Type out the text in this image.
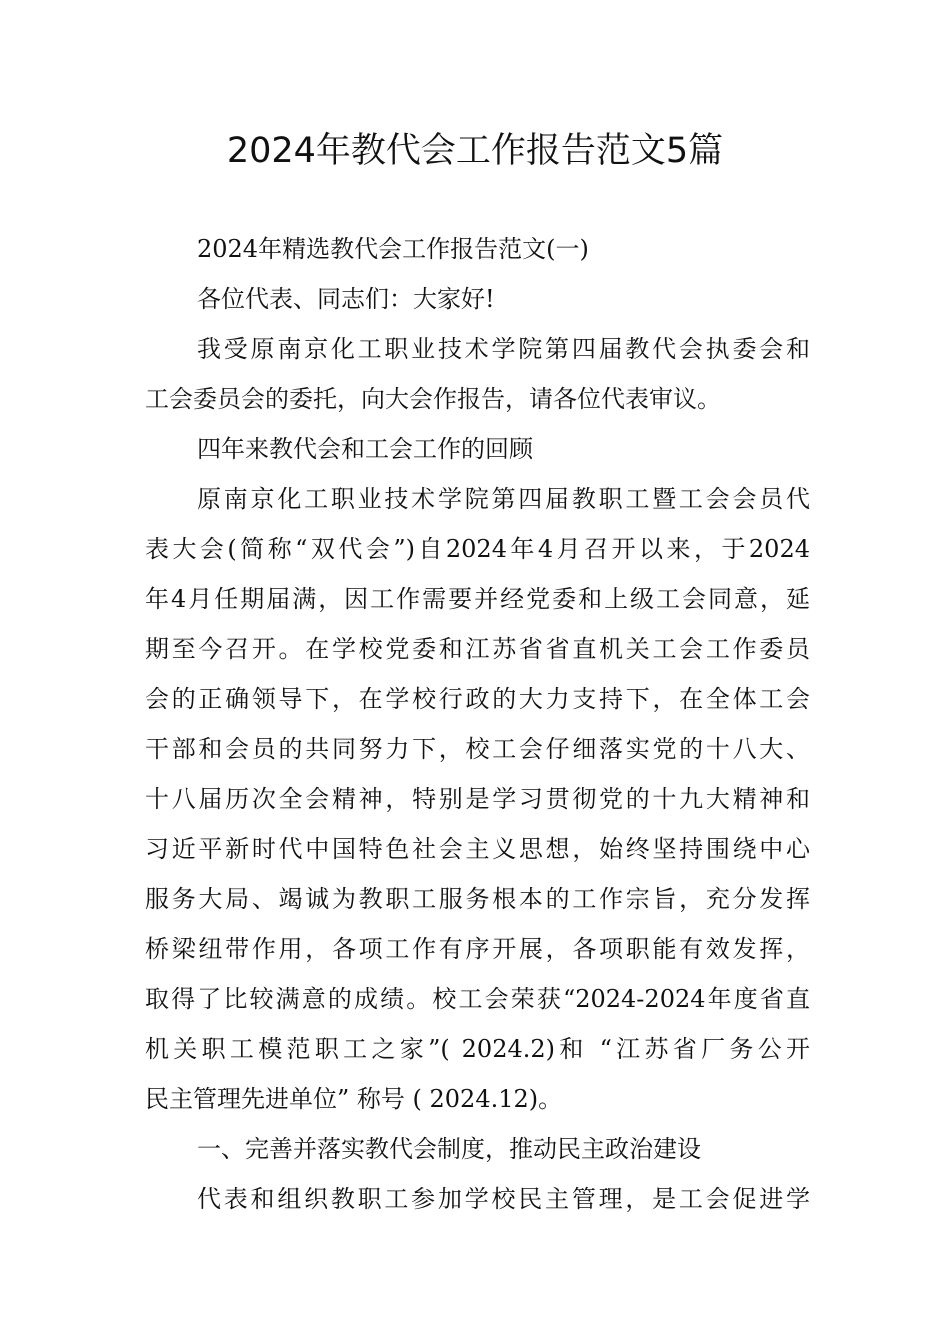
2024年教代会工作报告范文5篇
2024年精选教代会工作报告范文(一)
各位代表、同志们：大家好!
我受原南京化工职业技术学院第四届教代会执委会和
工会委员会的委托，向大会作报告，请各位代表审议。
四年来教代会和工会工作的回顾
原南京化工职业技术学院第四届教职工暨工会会员代
表大会(简称“双代会”)自2024年4月召开以来，于2024
年4月任期届满，因工作需要并经党委和上级工会同意，延
期至今召开。在学校党委和江苏省省直机关工会工作委员
会的正确领导下，在学校行政的大力支持下，在全体工会
干部和会员的共同努力下，校工会仔细落实党的十八大、
十八届历次全会精神，特别是学习贯彻党的十九大精神和
习近平新时代中国特色社会主义思想，始终坚持围绕中心
服务大局、竭诚为教职工服务根本的工作宗旨，充分发挥
桥梁纽带作用，各项工作有序开展，各项职能有效发挥，
取得了比较满意的成绩。校工会荣获“2024-2024年度省直
机关职工模范职工之家”( 2024.2)和 “江苏省厂务公开
民主管理先进单位” 称号 ( 2024.12)。
一、完善并落实教代会制度，推动民主政治建设
代表和组织教职工参加学校民主管理，是工会促进学
